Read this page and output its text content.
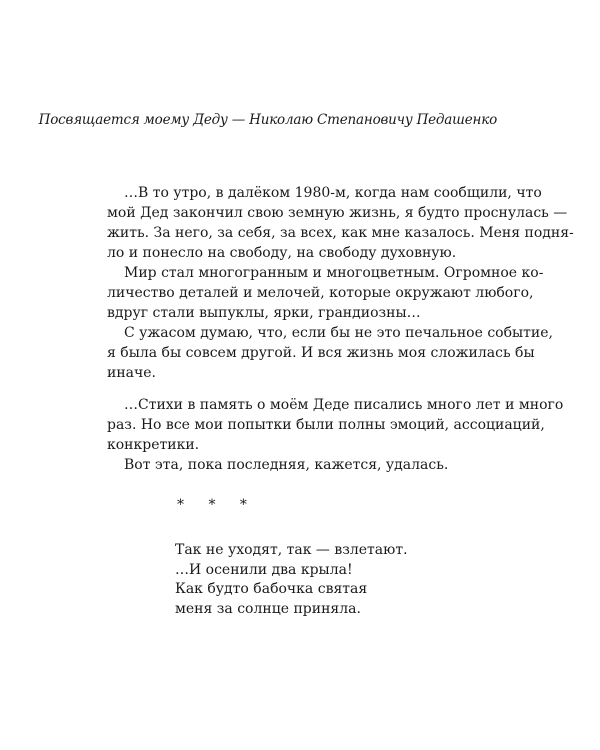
Посвящается моему Деду — Николаю Степановичу Педашенко
…В то утро, в далёком 1980-м, когда нам сообщили, что
мой Дед закончил свою земную жизнь, я будто проснулась —
жить. За него, за себя, за всех, как мне казалось. Меня подня-
ло и понесло на свободу, на свободу духовную.
Мир стал многогранным и многоцветным. Огромное ко-
личество деталей и мелочей, которые окружают любого,
вдруг стали выпуклы, ярки, грандиозны…
С ужасом думаю, что, если бы не это печальное событие,
я была бы совсем другой. И вся жизнь моя сложилась бы
иначе.
…Стихи в память о моём Деде писались много лет и много
раз. Но все мои попытки были полны эмоций, ассоциаций,
конкретики.
Вот эта, пока последняя, кажется, удалась.
* * *
Так не уходят, так — взлетают.
…И осенили два крыла!
Как будто бабочка святая
меня за солнце приняла.
